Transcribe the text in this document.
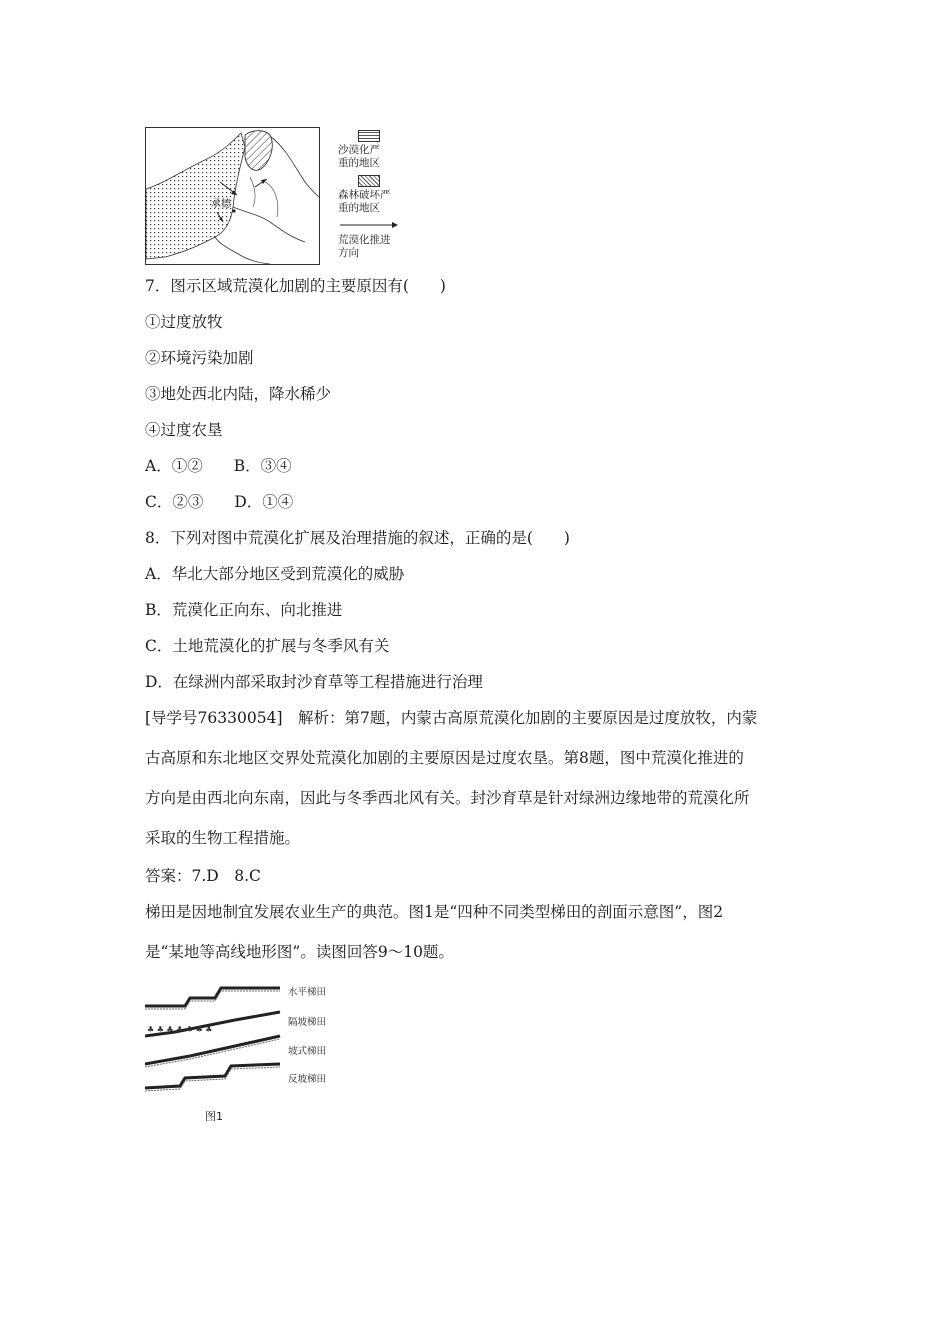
承德
沙漠化严
重的地区
森林破坏严
重的地区
荒漠化推进
方向
7．图示区域荒漠化加剧的主要原因有(　　)
①过度放牧
②环境污染加剧
③地处西北内陆，降水稀少
④过度农垦
A．①②　　B．③④
C．②③　　D．①④
8．下列对图中荒漠化扩展及治理措施的叙述，正确的是(　　)
A．华北大部分地区受到荒漠化的威胁
B．荒漠化正向东、向北推进
C．土地荒漠化的扩展与冬季风有关
D．在绿洲内部采取封沙育草等工程措施进行治理
[导学号76330054]　解析：第7题，内蒙古高原荒漠化加剧的主要原因是过度放牧，内蒙
古高原和东北地区交界处荒漠化加剧的主要原因是过度农垦。第8题，图中荒漠化推进的
方向是由西北向东南，因此与冬季西北风有关。封沙育草是针对绿洲边缘地带的荒漠化所
采取的生物工程措施。
答案：7.D　8.C
梯田是因地制宜发展农业生产的典范。图1是“四种不同类型梯田的剖面示意图”，图2
是“某地等高线地形图”。读图回答9～10题。
♣ ♣ ♣ ♣ ♣ ♣ ♣
水平梯田
隔坡梯田
坡式梯田
反坡梯田
图1
